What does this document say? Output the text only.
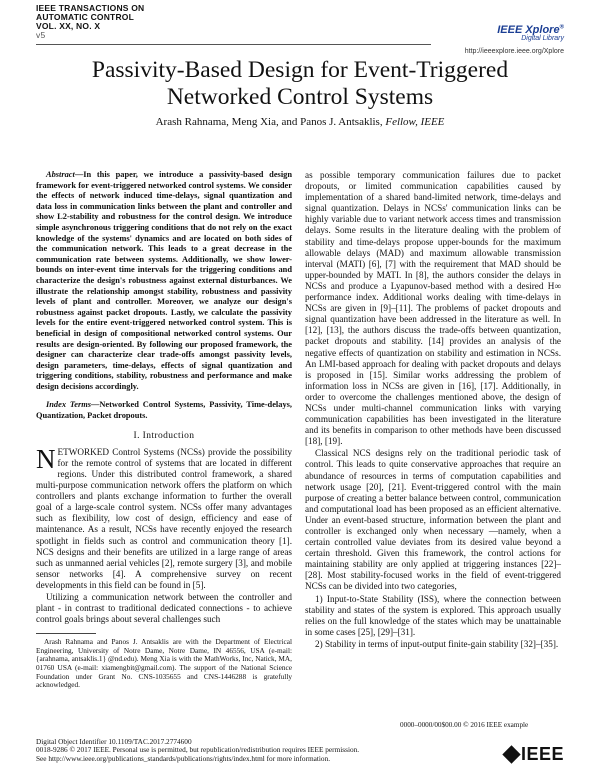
IEEE TRANSACTIONS ON
AUTOMATIC CONTROL
VOL. XX, NO. X
v5	IEEE Xplore®
Digital Library
http://ieeexplore.ieee.org/Xplore
Passivity-Based Design for Event-Triggered
Networked Control Systems
Arash Rahnama, Meng Xia, and Panos J. Antsaklis, Fellow, IEEE
Abstract—In this paper, we introduce a passivity-based design framework for event-triggered networked control systems. We consider the effects of network induced time-delays, signal quantization and data loss in communication links between the plant and controller and show L2-stability and robustness for the control design. We introduce simple asynchronous triggering conditions that do not rely on the exact knowledge of the systems' dynamics and are located on both sides of the communication network. This leads to a great decrease in the communication rate between systems. Additionally, we show lower-bounds on inter-event time intervals for the triggering conditions and characterize the design's robustness against external disturbances. We illustrate the relationship amongst stability, robustness and passivity levels of plant and controller. Moreover, we analyze our design's robustness against packet dropouts. Lastly, we calculate the passivity levels for the entire event-triggered networked control system. This is beneficial in design of compositional networked control systems. Our results are design-oriented. By following our proposed framework, the designer can characterize clear trade-offs amongst passivity levels, design parameters, time-delays, effects of signal quantization and triggering conditions, stability, robustness and performance and make design decisions accordingly.
Index Terms—Networked Control Systems, Passivity, Time-delays, Quantization, Packet dropouts.
I. Introduction

NETWORKED Control Systems (NCSs) provide the possibility for the remote control of systems that are located in different regions. Under this distributed control framework, a shared multi-purpose communication network offers the platform on which controllers and plants exchange information to further the overall goal of a large-scale control system. NCSs offer many advantages such as flexibility, low cost of design, efficiency and ease of maintenance. As a result, NCSs have recently enjoyed the research spotlight in fields such as control and communication theory [1]. NCS designs and their benefits are utilized in a large range of areas such as unmanned aerial vehicles [2], remote surgery [3], and mobile sensor networks [4]. A comprehensive survey on recent developments in this field can be found in [5].

Utilizing a communication network between the controller and plant - in contrast to traditional dedicated connections - to achieve control goals brings about several challenges such

Arash Rahnama and Panos J. Antsaklis are with the Department of Electrical Engineering, University of Notre Dame, Notre Dame, IN 46556, USA (e-mail: {arahnama, antsaklis.1} @nd.edu). Meng Xia is with the MathWorks, Inc, Natick, MA, 01760 USA (e-mail: xiamengbit@gmail.com). The support of the National Science Foundation under Grant No. CNS-1035655 and CNS-1446288 is gratefully acknowledged.

as possible temporary communication failures due to packet dropouts, or limited communication capabilities caused by implementation of a shared band-limited network, time-delays and signal quantization. Delays in NCSs' communication links can be highly variable due to variant network access times and transmission delays. Some results in the literature dealing with the problem of stability and time-delays propose upper-bounds for the maximum allowable delays (MAD) and maximum allowable transmission interval (MATI) [6], [7] with the requirement that MAD should be upper-bounded by MATI. In [8], the authors consider the delays in NCSs and produce a Lyapunov-based method with a desired H∞ performance index. Additional works dealing with time-delays in NCSs are given in [9]–[11]. The problems of packet dropouts and signal quantization have been addressed in the literature as well. In [12], [13], the authors discuss the trade-offs between quantization, packet dropouts and stability. [14] provides an analysis of the negative effects of quantization on stability and estimation in NCSs. An LMI-based approach for dealing with packet dropouts and delays is proposed in [15]. Similar works addressing the problem of information loss in NCSs are given in [16], [17]. Additionally, in order to overcome the challenges mentioned above, the design of NCSs under multi-channel communication links with varying communication capabilities has been investigated in the literature and its benefits in comparison to other methods have been discussed [18], [19].

Classical NCS designs rely on the traditional periodic task of control. This leads to quite conservative approaches that require an abundance of resources in terms of computation capabilities and network usage [20], [21]. Event-triggered control with the main purpose of creating a better balance between control, communication and computational load has been proposed as an efficient alternative. Under an event-based structure, information between the plant and controller is exchanged only when necessary —namely, when a certain controlled value deviates from its desired value beyond a certain threshold. Given this framework, the control actions for maintaining stability are only applied at triggering instances [22]–[28]. Most stability-focused works in the field of event-triggered NCSs can be divided into two categories,

1) Input-to-State Stability (ISS), where the connection between stability and states of the system is explored. This approach usually relies on the full knowledge of the states which may be unattainable in some cases [25], [29]–[31].

2) Stability in terms of input-output finite-gain stability [32]–[35].

0000–0000/00$00.00 © 2016 IEEE example
Digital Object Identifier 10.1109/TAC.2017.2774600
0018-9286 © 2017 IEEE. Personal use is permitted, but republication/redistribution requires IEEE permission.
See http://www.ieee.org/publications_standards/publications/rights/index.html for more information.	IEEE
